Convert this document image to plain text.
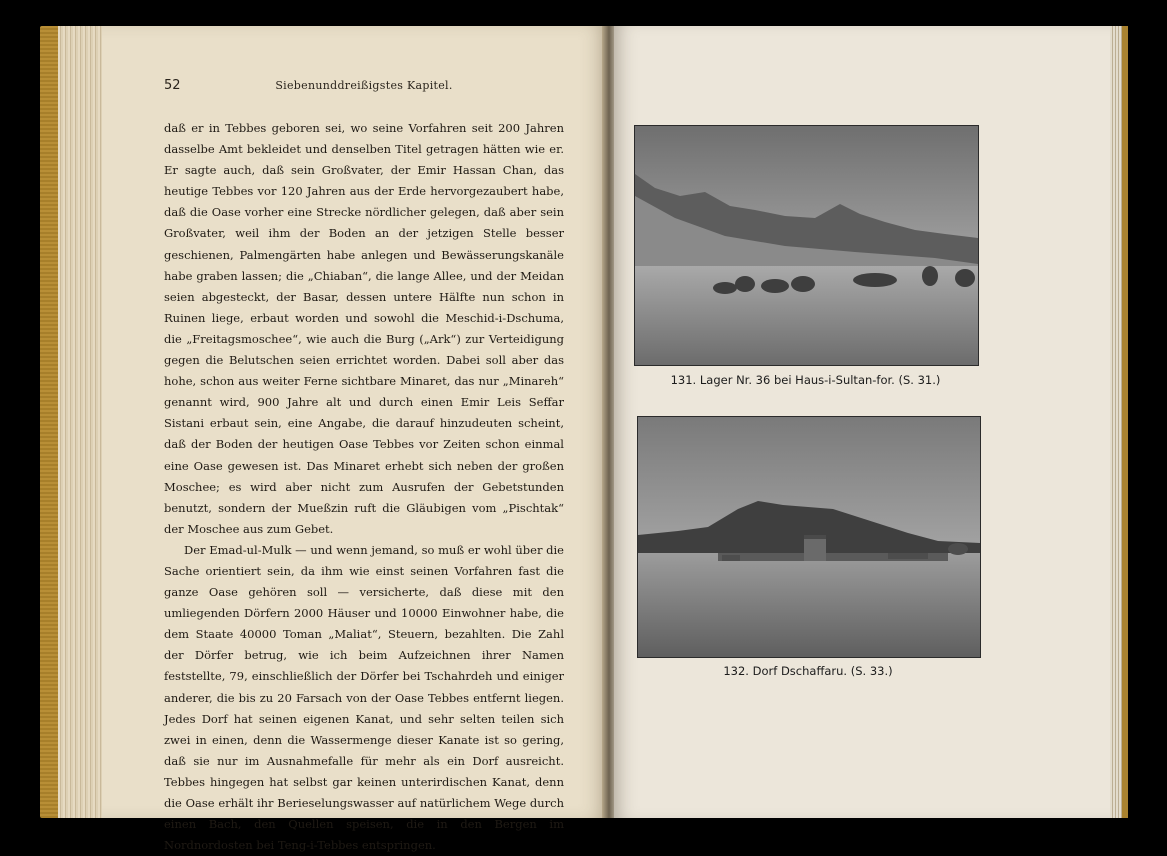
52	Siebenunddreißigstes Kapitel.

daß er in Tebbes geboren sei, wo seine Vorfahren seit 200 Jahren dasselbe Amt bekleidet und denselben Titel getragen hätten wie er. Er sagte auch, daß sein Großvater, der Emir Hassan Chan, das heutige Tebbes vor 120 Jahren aus der Erde hervorgezaubert habe, daß die Oase vorher eine Strecke nördlicher gelegen, daß aber sein Großvater, weil ihm der Boden an der jetzigen Stelle besser geschienen, Palmengärten habe anlegen und Bewässerungskanäle habe graben lassen; die „Chiaban“, die lange Allee, und der Meidan seien abgesteckt, der Basar, dessen untere Hälfte nun schon in Ruinen liege, erbaut worden und sowohl die Meschid-i-Dschuma, die „Freitagsmoschee“, wie auch die Burg („Ark“) zur Verteidigung gegen die Belutschen seien errichtet worden. Dabei soll aber das hohe, schon aus weiter Ferne sichtbare Minaret, das nur „Minareh“ genannt wird, 900 Jahre alt und durch einen Emir Leis Seffar Sistani erbaut sein, eine Angabe, die darauf hinzudeuten scheint, daß der Boden der heutigen Oase Tebbes vor Zeiten schon einmal eine Oase gewesen ist. Das Minaret erhebt sich neben der großen Moschee; es wird aber nicht zum Ausrufen der Gebetstunden benutzt, sondern der Mueßzin ruft die Gläubigen vom „Pischtak“ der Moschee aus zum Gebet.

Der Emad-ul-Mulk — und wenn jemand, so muß er wohl über die Sache orientiert sein, da ihm wie einst seinen Vorfahren fast die ganze Oase gehören soll — versicherte, daß diese mit den umliegenden Dörfern 2000 Häuser und 10000 Einwohner habe, die dem Staate 40000 Toman „Maliat“, Steuern, bezahlten. Die Zahl der Dörfer betrug, wie ich beim Aufzeichnen ihrer Namen feststellte, 79, einschließlich der Dörfer bei Tschahrdeh und einiger anderer, die bis zu 20 Farsach von der Oase Tebbes entfernt liegen. Jedes Dorf hat seinen eigenen Kanat, und sehr selten teilen sich zwei in einen, denn die Wassermenge dieser Kanate ist so gering, daß sie nur im Ausnahmefalle für mehr als ein Dorf ausreicht. Tebbes hingegen hat selbst gar keinen unterirdischen Kanat, denn die Oase erhält ihr Berieselungswasser auf natürlichem Wege durch einen Bach, den Quellen speisen, die in den Bergen im Nordnordosten bei Teng-i-Tebbes entspringen.

131. Lager Nr. 36 bei Haus-i-Sultan-for. (S. 31.)
132. Dorf Dschaffaru. (S. 33.)
